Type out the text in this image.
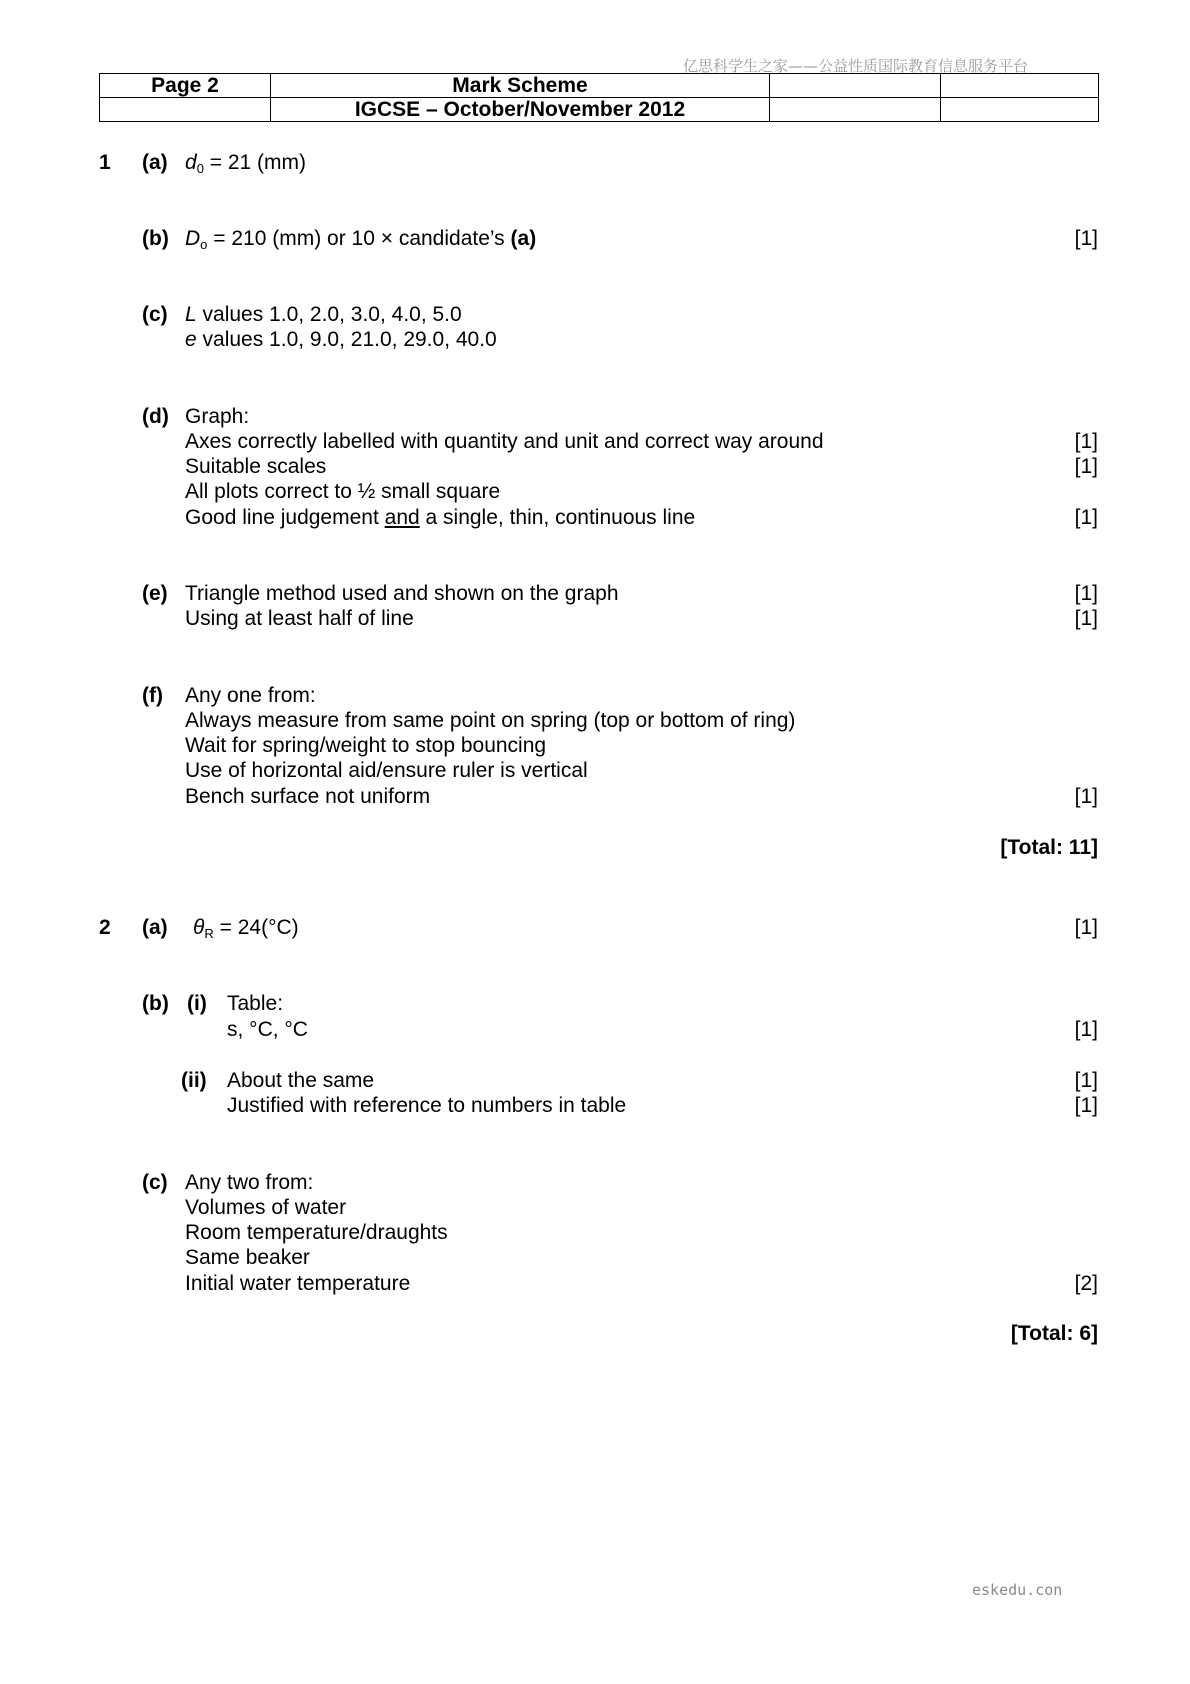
亿思科学生之家——公益性质国际教育信息服务平台
Page 2	Mark Scheme		
	IGCSE – October/November 2012		
1 (a) $d_0 = 21$ (mm)
(b) $D_o = 210$ (mm) or 10 × candidate’s (a)	[1]
(c) L values 1.0, 2.0, 3.0, 4.0, 5.0
e values 1.0, 9.0, 21.0, 29.0, 40.0
(d) Graph:
Axes correctly labelled with quantity and unit and correct way around	[1]
Suitable scales	[1]
All plots correct to ½ small square
Good line judgement and a single, thin, continuous line	[1]
(e) Triangle method used and shown on the graph	[1]
Using at least half of line	[1]
(f) Any one from:
Always measure from same point on spring (top or bottom of ring)
Wait for spring/weight to stop bouncing
Use of horizontal aid/ensure ruler is vertical
Bench surface not uniform	[1]
[Total: 11]
2 (a) $\theta_R = 24(^\circ C)$	[1]
(b) (i) Table:
s, °C, °C	[1]
(ii) About the same	[1]
Justified with reference to numbers in table	[1]
(c) Any two from:
Volumes of water
Room temperature/draughts
Same beaker
Initial water temperature	[2]
[Total: 6]
eskedu.con
